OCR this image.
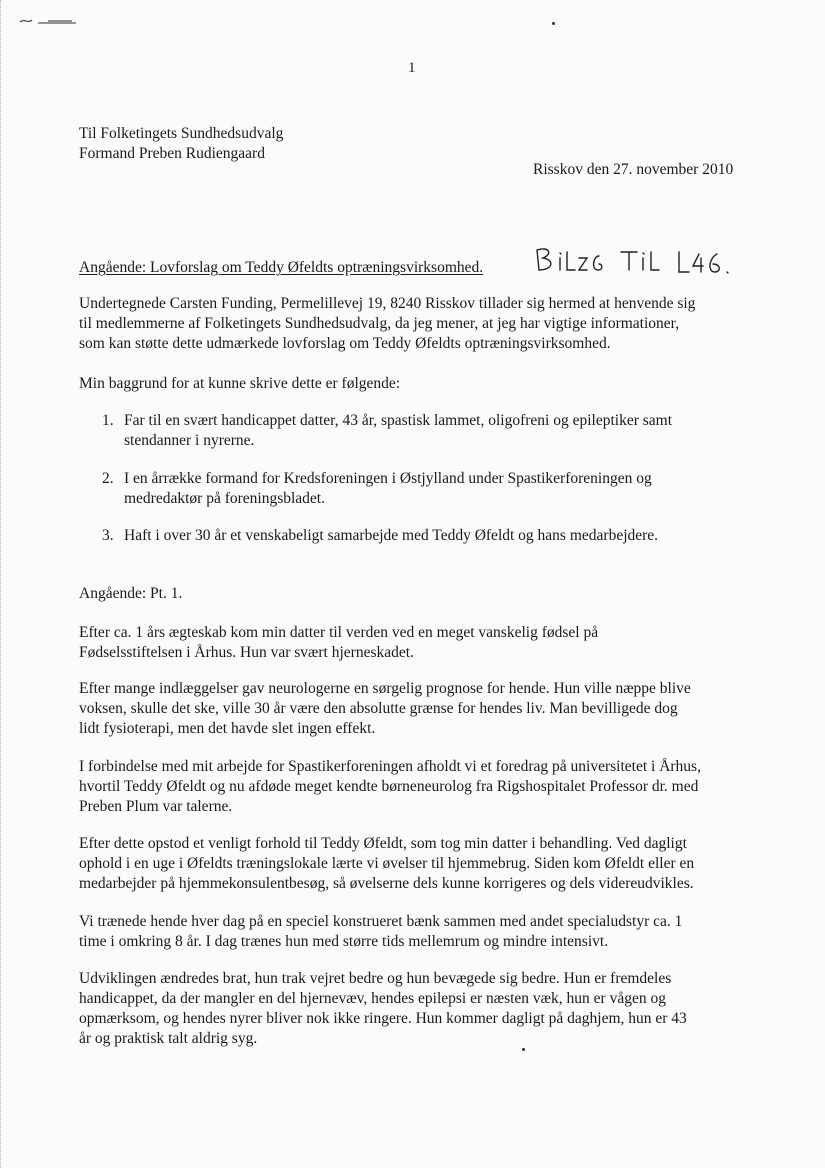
1
Til Folketingets Sundhedsudvalg
Formand Preben Rudiengaard
Risskov den 27. november 2010
Angående: Lovforslag om Teddy Øfeldts optræningsvirksomhed.
Undertegnede Carsten Funding, Permelillevej 19, 8240 Risskov tillader sig hermed at henvende sig
til medlemmerne af Folketingets Sundhedsudvalg, da jeg mener, at jeg har vigtige informationer,
som kan støtte dette udmærkede lovforslag om Teddy Øfeldts optræningsvirksomhed.
Min baggrund for at kunne skrive dette er følgende:
1. Far til en svært handicappet datter, 43 år, spastisk lammet, oligofreni og epileptiker samt
stendanner i nyrerne.
2. I en årrække formand for Kredsforeningen i Østjylland under Spastikerforeningen og
medredaktør på foreningsbladet.
3. Haft i over 30 år et venskabeligt samarbejde med Teddy Øfeldt og hans medarbejdere.
Angående: Pt. 1.
Efter ca. 1 års ægteskab kom min datter til verden ved en meget vanskelig fødsel på
Fødselsstiftelsen i Århus. Hun var svært hjerneskadet.
Efter mange indlæggelser gav neurologerne en sørgelig prognose for hende. Hun ville næppe blive
voksen, skulle det ske, ville 30 år være den absolutte grænse for hendes liv. Man bevilligede dog
lidt fysioterapi, men det havde slet ingen effekt.
I forbindelse med mit arbejde for Spastikerforeningen afholdt vi et foredrag på universitetet i Århus,
hvortil Teddy Øfeldt og nu afdøde meget kendte børneneurolog fra Rigshospitalet Professor dr. med
Preben Plum var talerne.
Efter dette opstod et venligt forhold til Teddy Øfeldt, som tog min datter i behandling. Ved dagligt
ophold i en uge i Øfeldts træningslokale lærte vi øvelser til hjemmebrug. Siden kom Øfeldt eller en
medarbejder på hjemmekonsulentbesøg, så øvelserne dels kunne korrigeres og dels videreudvikles.
Vi trænede hende hver dag på en speciel konstrueret bænk sammen med andet specialudstyr ca. 1
time i omkring 8 år. I dag trænes hun med større tids mellemrum og mindre intensivt.
Udviklingen ændredes brat, hun trak vejret bedre og hun bevægede sig bedre. Hun er fremdeles
handicappet, da der mangler en del hjernevæv, hendes epilepsi er næsten væk, hun er vågen og
opmærksom, og hendes nyrer bliver nok ikke ringere. Hun kommer dagligt på daghjem, hun er 43
år og praktisk talt aldrig syg.
